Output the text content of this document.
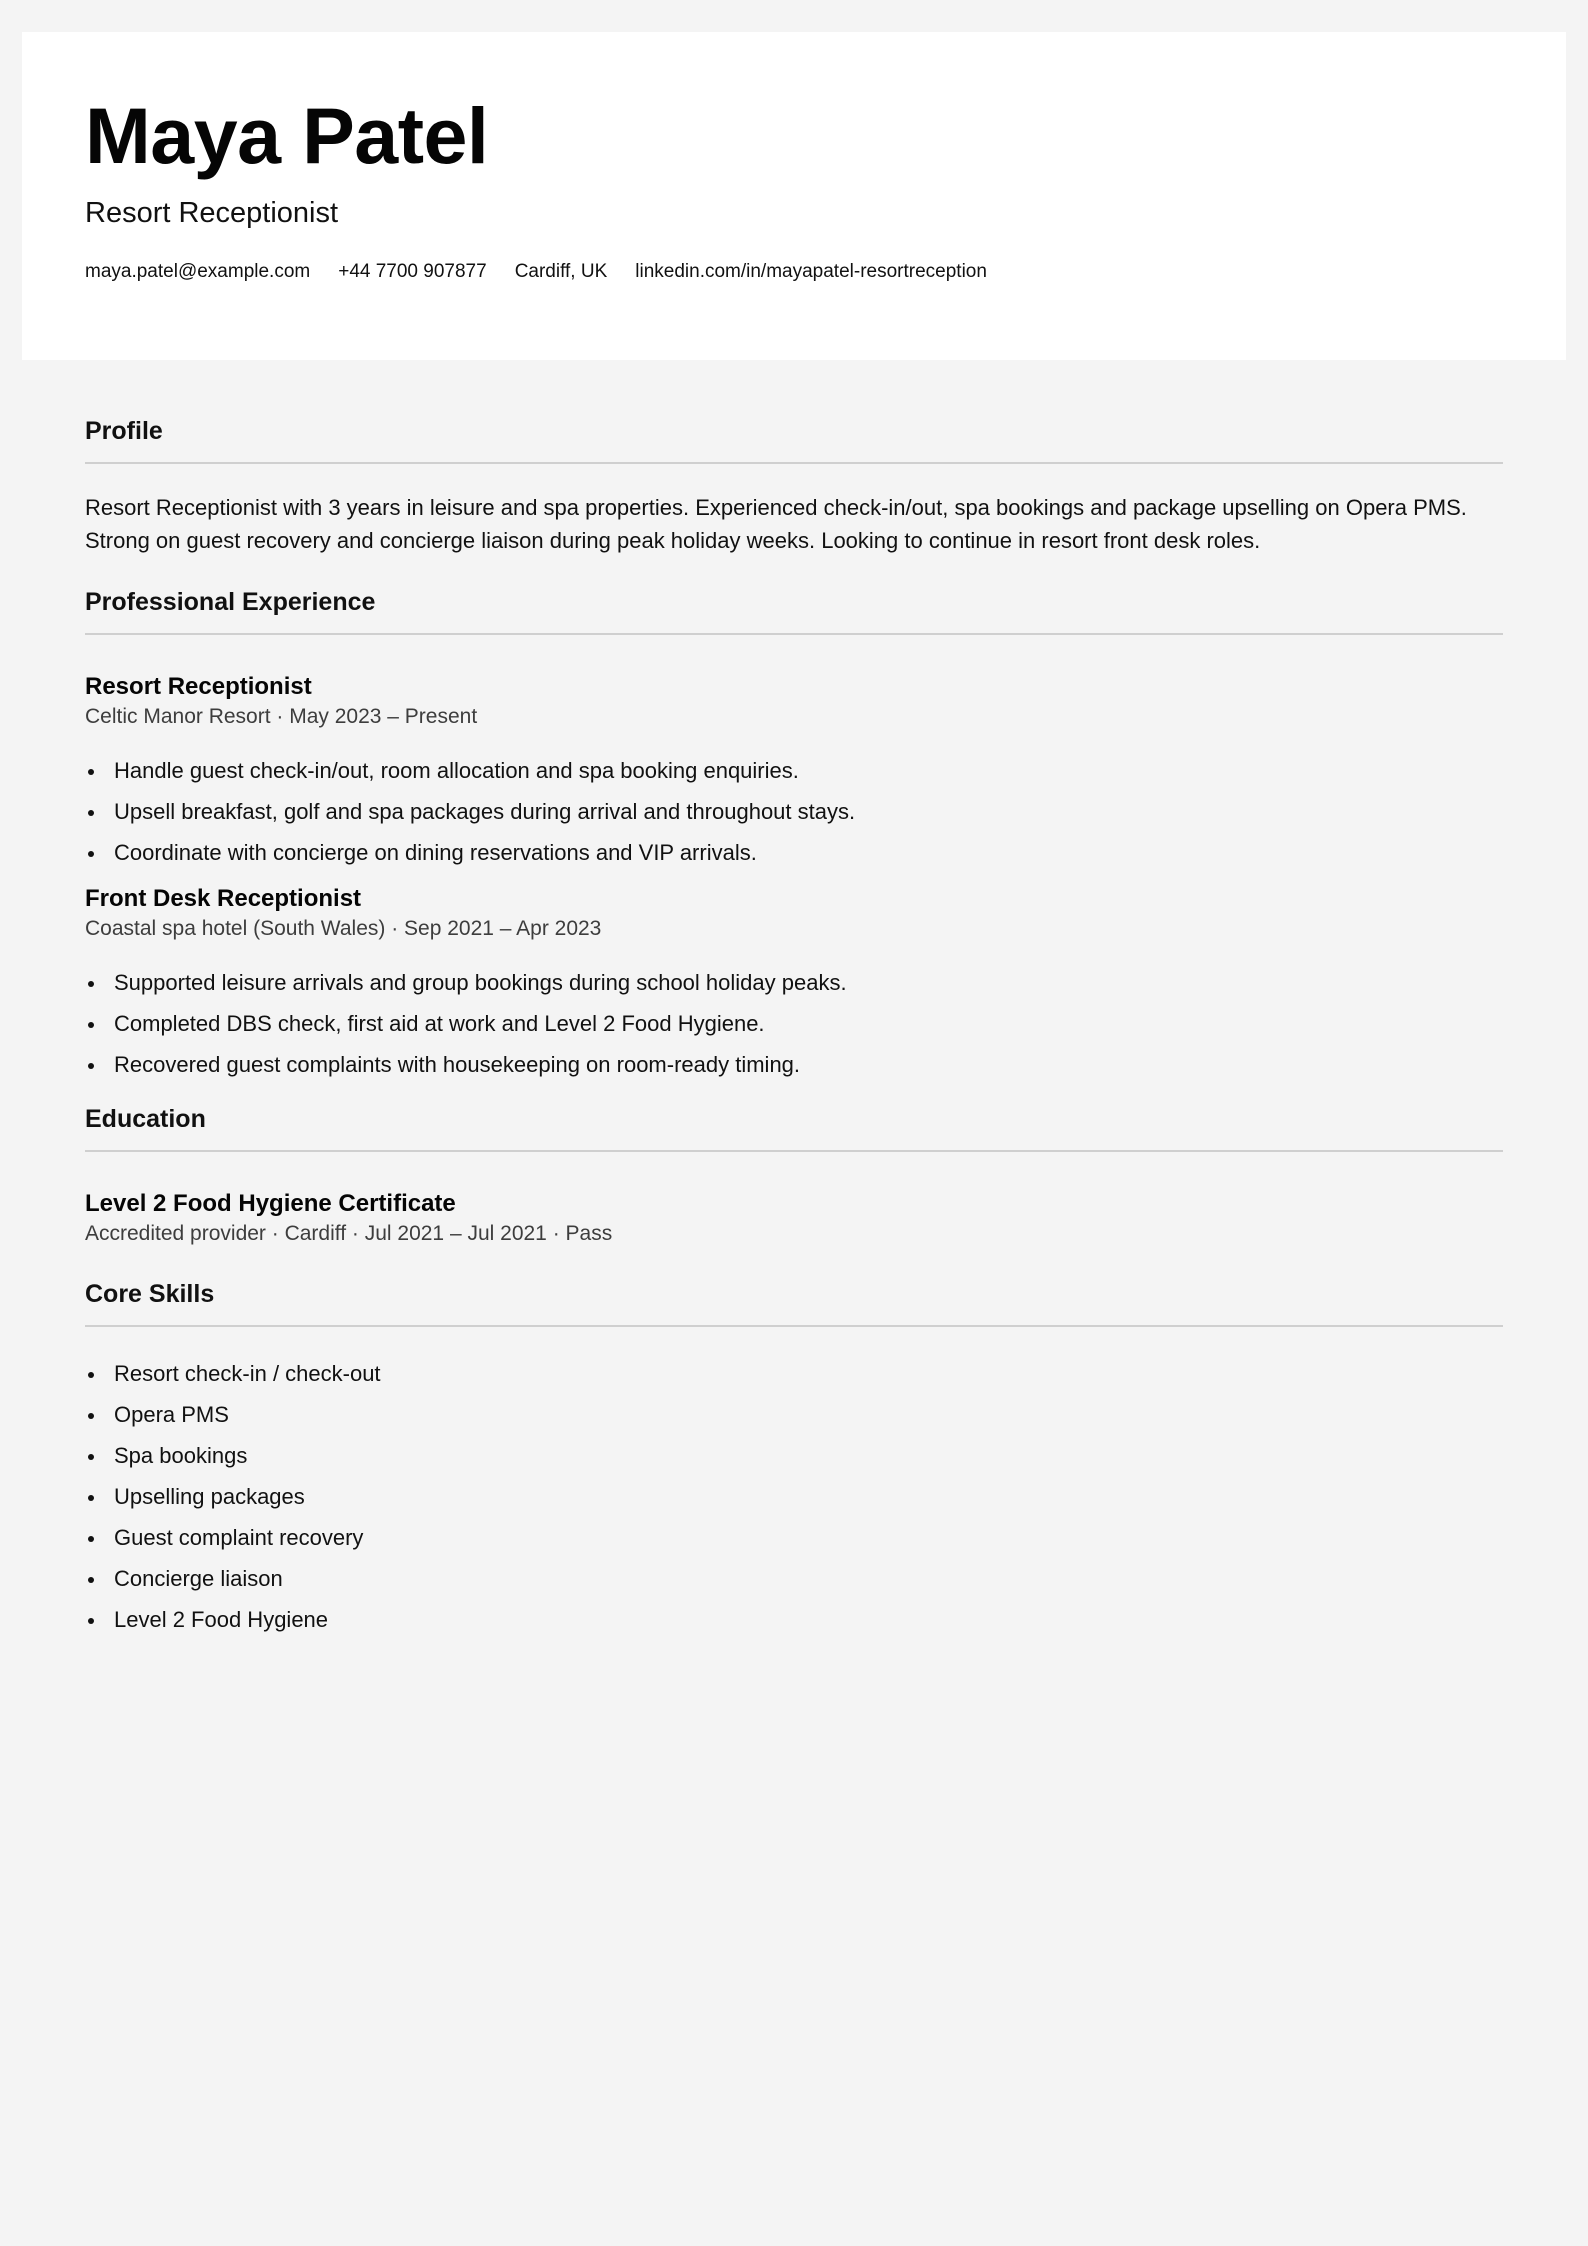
Maya Patel
Resort Receptionist
maya.patel@example.com +44 7700 907877 Cardiff, UK linkedin.com/in/mayapatel-resortreception
Profile

Resort Receptionist with 3 years in leisure and spa properties. Experienced check-in/out, spa bookings and package upselling on Opera PMS. Strong on guest recovery and concierge liaison during peak holiday weeks. Looking to continue in resort front desk roles.

Professional Experience
Resort Receptionist
Celtic Manor Resort · May 2023 – Present
Handle guest check-in/out, room allocation and spa booking enquiries.
Upsell breakfast, golf and spa packages during arrival and throughout stays.
Coordinate with concierge on dining reservations and VIP arrivals.
Front Desk Receptionist
Coastal spa hotel (South Wales) · Sep 2021 – Apr 2023
Supported leisure arrivals and group bookings during school holiday peaks.
Completed DBS check, first aid at work and Level 2 Food Hygiene.
Recovered guest complaints with housekeeping on room-ready timing.
Education
Level 2 Food Hygiene Certificate
Accredited provider · Cardiff · Jul 2021 – Jul 2021 · Pass
Core Skills
Resort check-in / check-out
Opera PMS
Spa bookings
Upselling packages
Guest complaint recovery
Concierge liaison
Level 2 Food Hygiene
